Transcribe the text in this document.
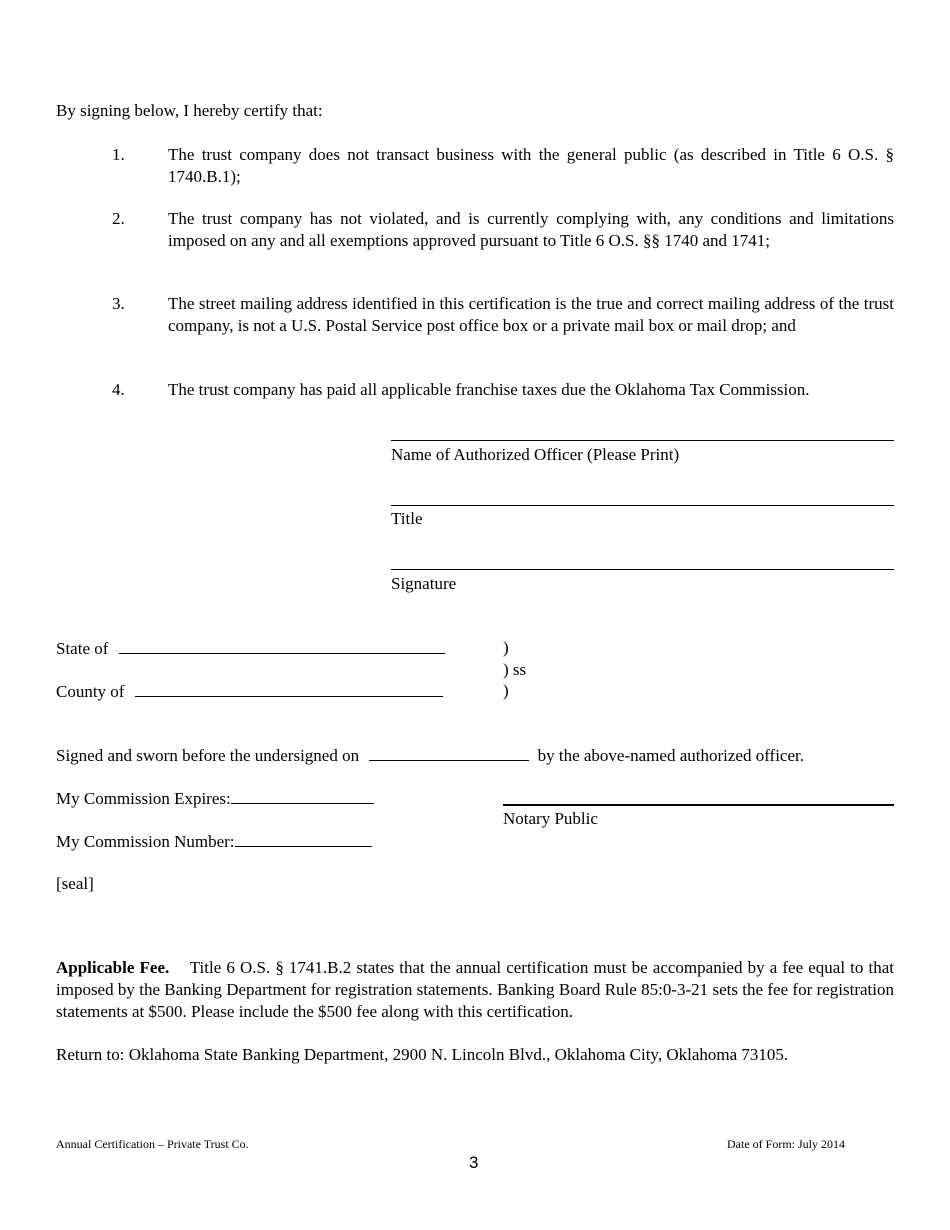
By signing below, I hereby certify that:
1.	The trust company does not transact business with the general public (as described in Title 6 O.S. § 1740.B.1);
2.	The trust company has not violated, and is currently complying with, any conditions and limitations imposed on any and all exemptions approved pursuant to Title 6 O.S. §§ 1740 and 1741;
3.	The street mailing address identified in this certification is the true and correct mailing address of the trust company, is not a U.S. Postal Service post office box or a private mail box or mail drop; and
4.	The trust company has paid all applicable franchise taxes due the Oklahoma Tax Commission.
Name of Authorized Officer (Please Print)
Title
Signature
State of
County of
)
) ss
)
Signed and sworn before the undersigned on	by the above-named authorized officer.
My Commission Expires:
My Commission Number:
[seal]
Notary Public
Applicable Fee. Title 6 O.S. § 1741.B.2 states that the annual certification must be accompanied by a fee equal to that imposed by the Banking Department for registration statements. Banking Board Rule 85:0-3-21 sets the fee for registration statements at $500. Please include the $500 fee along with this certification.
Return to: Oklahoma State Banking Department, 2900 N. Lincoln Blvd., Oklahoma City, Oklahoma 73105.
Annual Certification – Private Trust Co.	Date of Form: July 2014
3
